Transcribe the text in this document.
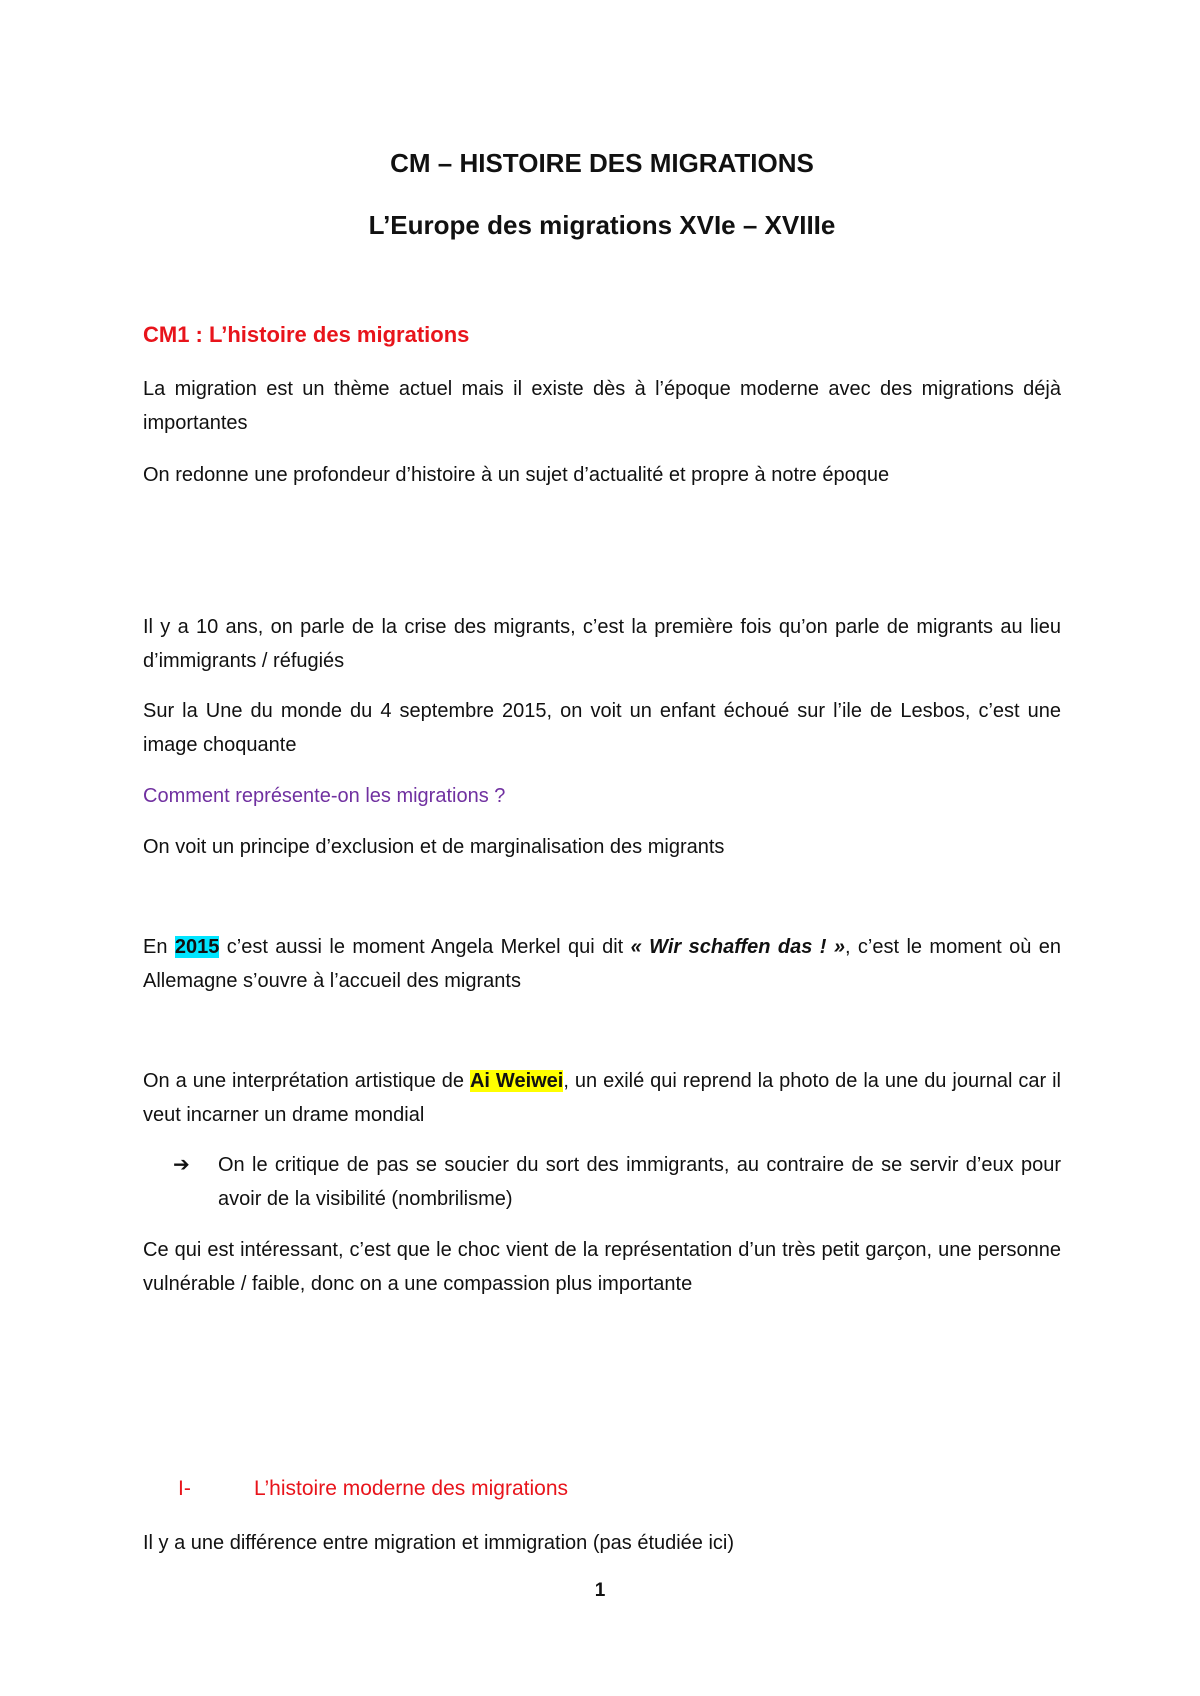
CM – HISTOIRE DES MIGRATIONS
L’Europe des migrations XVIe – XVIIIe
CM1 : L’histoire des migrations

La migration est un thème actuel mais il existe dès à l’époque moderne avec des migrations déjà importantes

On redonne une profondeur d’histoire à un sujet d’actualité et propre à notre époque

Il y a 10 ans, on parle de la crise des migrants, c’est la première fois qu’on parle de migrants au lieu d’immigrants / réfugiés

Sur la Une du monde du 4 septembre 2015, on voit un enfant échoué sur l’ile de Lesbos, c’est une image choquante

Comment représente-on les migrations ?

On voit un principe d’exclusion et de marginalisation des migrants

En 2015 c’est aussi le moment Angela Merkel qui dit « Wir schaffen das ! », c’est le moment où en Allemagne s’ouvre à l’accueil des migrants

On a une interprétation artistique de Ai Weiwei, un exilé qui reprend la photo de la une du journal car il veut incarner un drame mondial

➔ On le critique de pas se soucier du sort des immigrants, au contraire de se servir d’eux pour avoir de la visibilité (nombrilisme)

Ce qui est intéressant, c’est que le choc vient de la représentation d’un très petit garçon, une personne vulnérable / faible, donc on a une compassion plus importante

I-	L’histoire moderne des migrations

Il y a une différence entre migration et immigration (pas étudiée ici)

1
